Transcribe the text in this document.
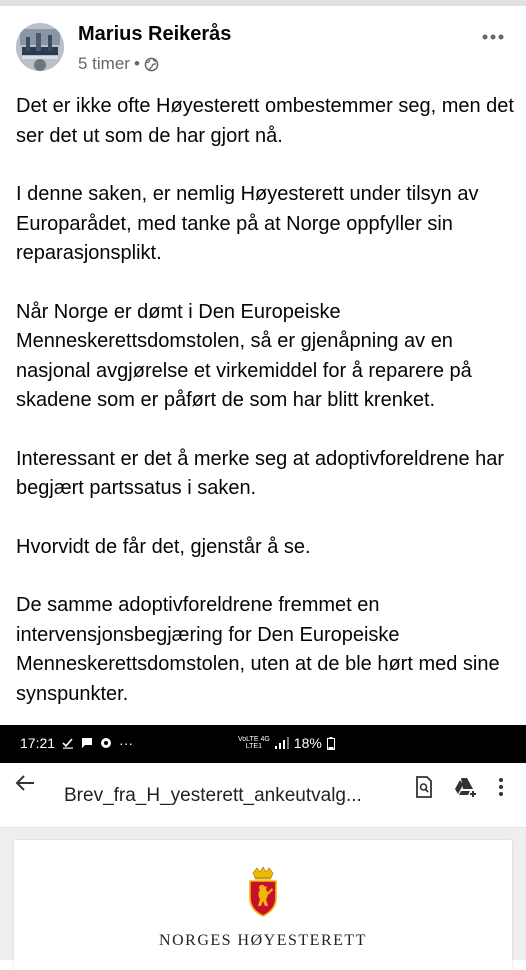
Marius Reikerås
5 timer •

Det er ikke ofte Høyesterett ombestemmer seg, men det ser det ut som de har gjort nå.

I denne saken, er nemlig Høyesterett under tilsyn av Europarådet, med tanke på at Norge oppfyller sin reparasjonsplikt.

Når Norge er dømt i Den Europeiske Menneskerettsdomstolen, så er gjenåpning av en nasjonal avgjørelse et virkemiddel for å reparere på skadene som er påført de som har blitt krenket.

Interessant er det å merke seg at adoptivforeldrene har begjært partssatus i saken.

Hvorvidt de får det, gjenstår å se.

De samme adoptivforeldrene fremmet en intervensjonsbegjæring for Den Europeiske Menneskerettsdomstolen, uten at de ble hørt med sine synspunkter.

17:21	···	VoLTE 4G
LTE1	18%
Brev_fra_H_yesterett_ankeutvalg...
NORGES HØYESTERETT
